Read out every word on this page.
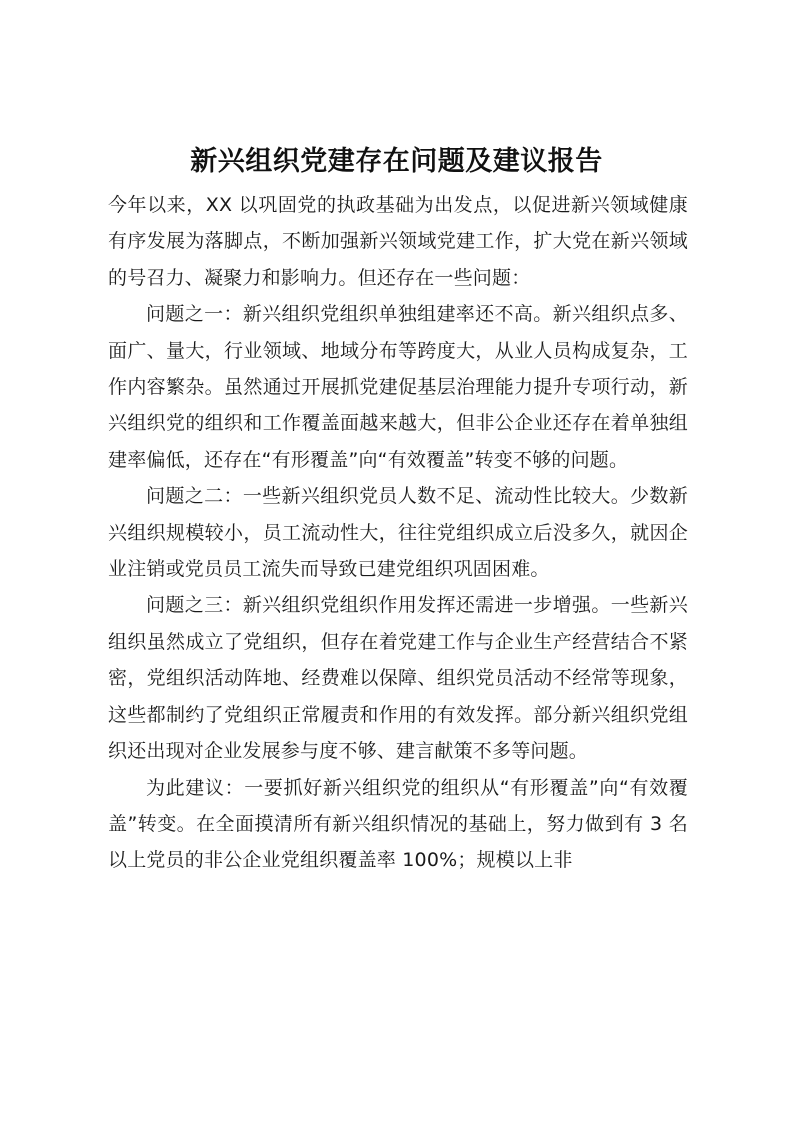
新兴组织党建存在问题及建议报告

今年以来，XX 以巩固党的执政基础为出发点，以促进新兴领域健康有序发展为落脚点，不断加强新兴领域党建工作，扩大党在新兴领域的号召力、凝聚力和影响力。但还存在一些问题：

问题之一：新兴组织党组织单独组建率还不高。新兴组织点多、面广、量大，行业领域、地域分布等跨度大，从业人员构成复杂，工作内容繁杂。虽然通过开展抓党建促基层治理能力提升专项行动，新兴组织党的组织和工作覆盖面越来越大，但非公企业还存在着单独组建率偏低，还存在“有形覆盖”向“有效覆盖”转变不够的问题。

问题之二：一些新兴组织党员人数不足、流动性比较大。少数新兴组织规模较小，员工流动性大，往往党组织成立后没多久，就因企业注销或党员员工流失而导致已建党组织巩固困难。

问题之三：新兴组织党组织作用发挥还需进一步增强。一些新兴组织虽然成立了党组织，但存在着党建工作与企业生产经营结合不紧密，党组织活动阵地、经费难以保障、组织党员活动不经常等现象，这些都制约了党组织正常履责和作用的有效发挥。部分新兴组织党组织还出现对企业发展参与度不够、建言献策不多等问题。

为此建议：一要抓好新兴组织党的组织从“有形覆盖”向“有效覆盖”转变。在全面摸清所有新兴组织情况的基础上，努力做到有 3 名以上党员的非公企业党组织覆盖率 100%；规模以上非
